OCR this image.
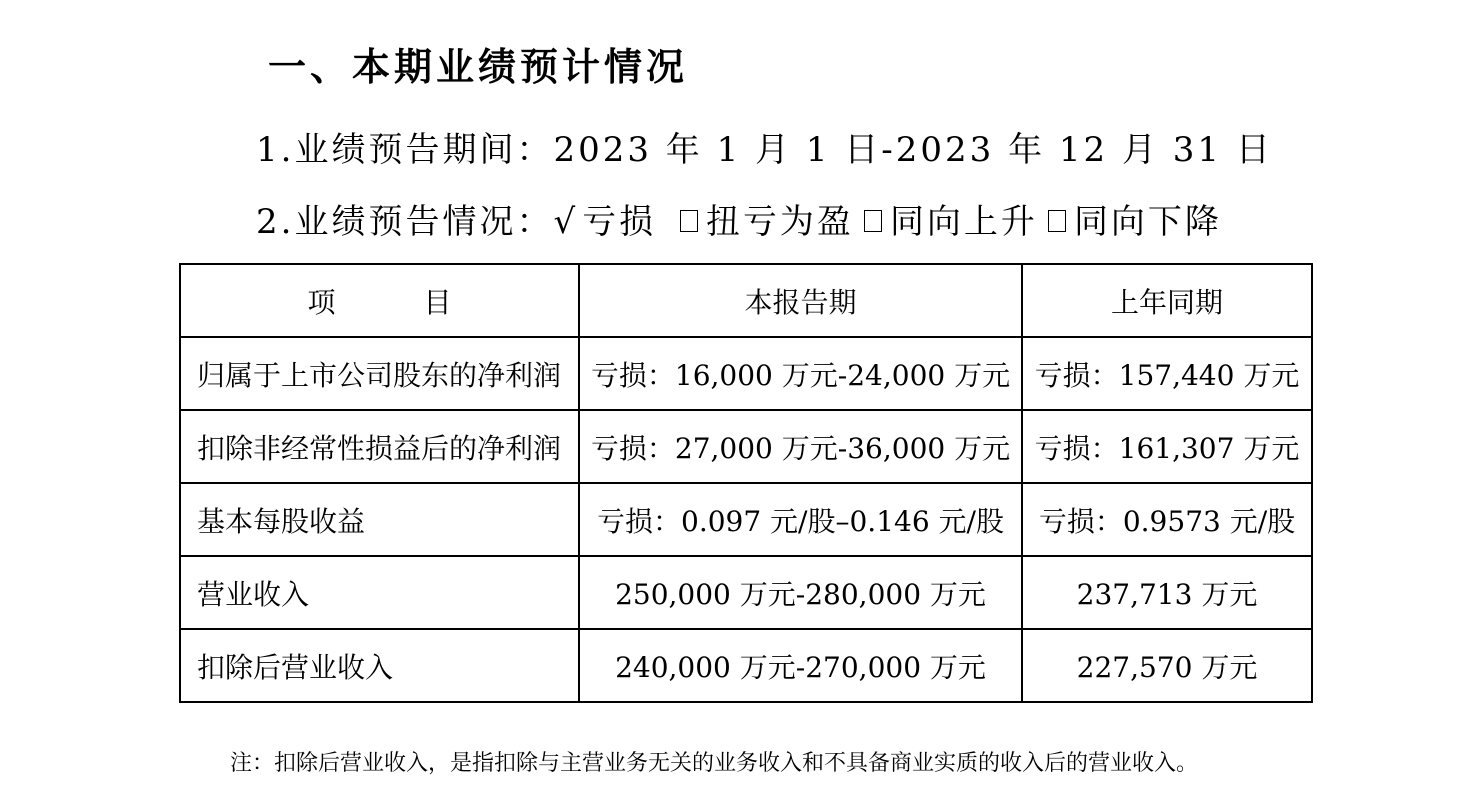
一、本期业绩预计情况
1.业绩预告期间：2023 年 1 月 1 日-2023 年 12 月 31 日
2.业绩预告情况：√ 亏损 扭亏为盈 同向上升 同向下降
项　目	本报告期	上年同期
归属于上市公司股东的净利润	亏损：16,000 万元-24,000 万元	亏损：157,440 万元
扣除非经常性损益后的净利润	亏损：27,000 万元-36,000 万元	亏损：161,307 万元
基本每股收益	亏损：0.097 元/股–0.146 元/股	亏损：0.9573 元/股
营业收入	250,000 万元-280,000 万元	237,713 万元
扣除后营业收入	240,000 万元-270,000 万元	227,570 万元
注：扣除后营业收入，是指扣除与主营业务无关的业务收入和不具备商业实质的收入后的营业收入。
